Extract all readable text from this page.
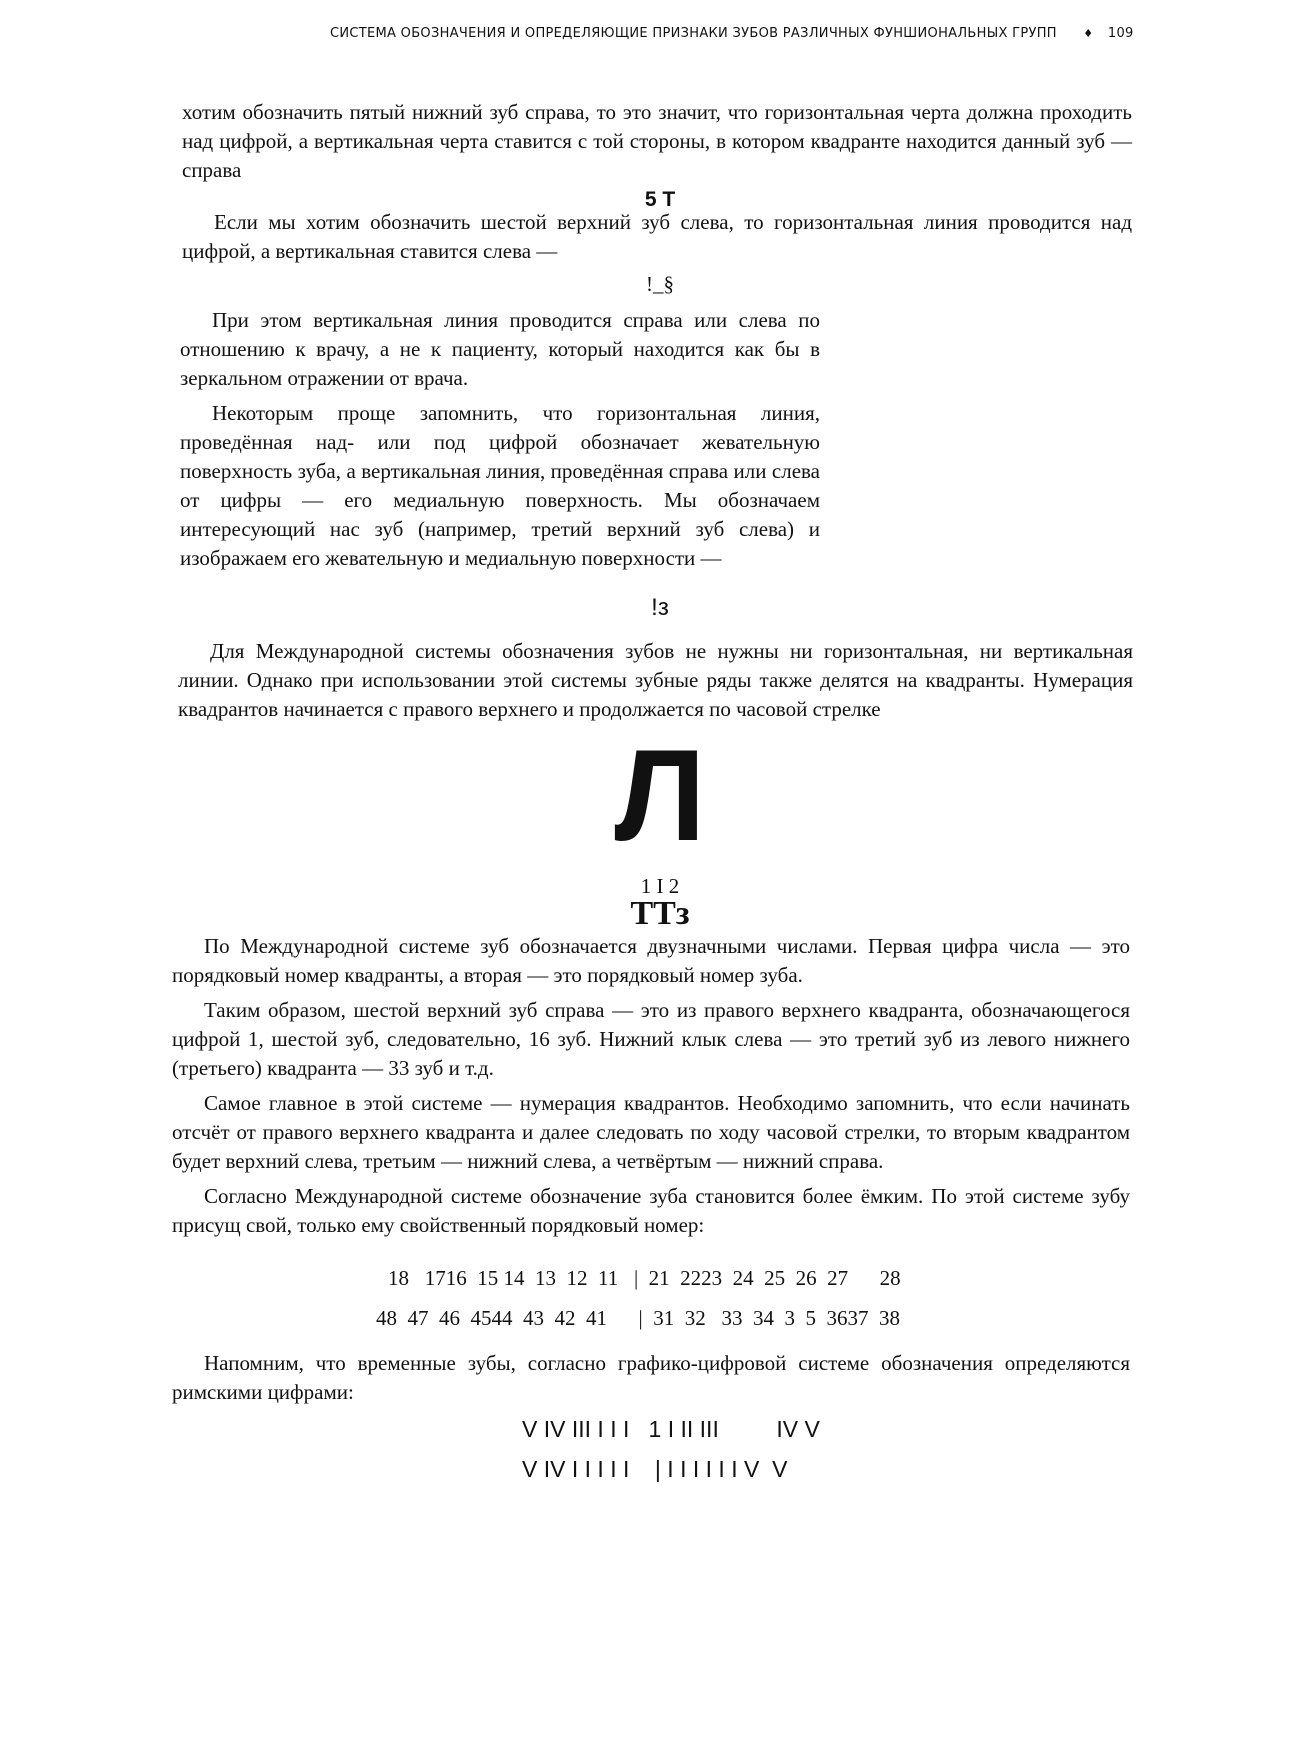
СИСТЕМА ОБОЗНАЧЕНИЯ И ОПРЕДЕЛЯЮЩИЕ ПРИЗНАКИ ЗУБОВ РАЗЛИЧНЫХ ФУНШИОНАЛЬНЫХ ГРУПП ♦ 109

хотим обозначить пятый нижний зуб справа, то это значит, что горизонтальная черта должна проходить над цифрой, а вертикальная черта ставится с той стороны, в котором квадранте находится данный зуб — справа

5 T

Если мы хотим обозначить шестой верхний зуб слева, то горизонтальная линия проводится над цифрой, а вертикальная ставится слева —

!_§

При этом вертикальная линия проводится справа или слева по отношению к врачу, а не к пациенту, который находится как бы в зеркальном отражении от врача.

Некоторым проще запомнить, что горизонтальная линия, проведённая над- или под цифрой обозначает жевательную поверхность зуба, а вертикальная линия, проведённая справа или слева от цифры — его медиальную поверхность. Мы обозначаем интересующий нас зуб (например, третий верхний зуб слева) и изображаем его жевательную и медиальную поверхности —

!з

Для Международной системы обозначения зубов не нужны ни горизонтальная, ни вертикальная линии. Однако при использовании этой системы зубные ряды также делятся на квадранты. Нумерация квадрантов начинается с правого верхнего и продолжается по часовой стрелке

Л
1 I 2
ТТз

По Международной системе зуб обозначается двузначными числами. Первая цифра числа — это порядковый номер квадранты, а вторая — это порядковый номер зуба.

Таким образом, шестой верхний зуб справа — это из правого верхнего квадранта, обозначающегося цифрой 1, шестой зуб, следовательно, 16 зуб. Нижний клык слева — это третий зуб из левого нижнего (третьего) квадранта — 33 зуб и т.д.

Самое главное в этой системе — нумерация квадрантов. Необходимо запомнить, что если начинать отсчёт от правого верхнего квадранта и далее следовать по ходу часовой стрелки, то вторым квадрантом будет верхний слева, третьим — нижний слева, а четвёртым — нижний справа.

Согласно Международной системе обозначение зуба становится более ёмким. По этой системе зубу присущ свой, только ему свойственный порядковый номер:

18   1716  15 14  13  12  11   |  21  2223  24  25  26  27      28
48  47  46  4544  43  42  41      |  31  32   33  34  3  5  3637  38

Напомним, что временные зубы, согласно графико-цифровой системе обозначения определяются римскими цифрами:

V IV III I I I   1 I II III         IV V
V IV I I I I I    | I I I I I I V  V
